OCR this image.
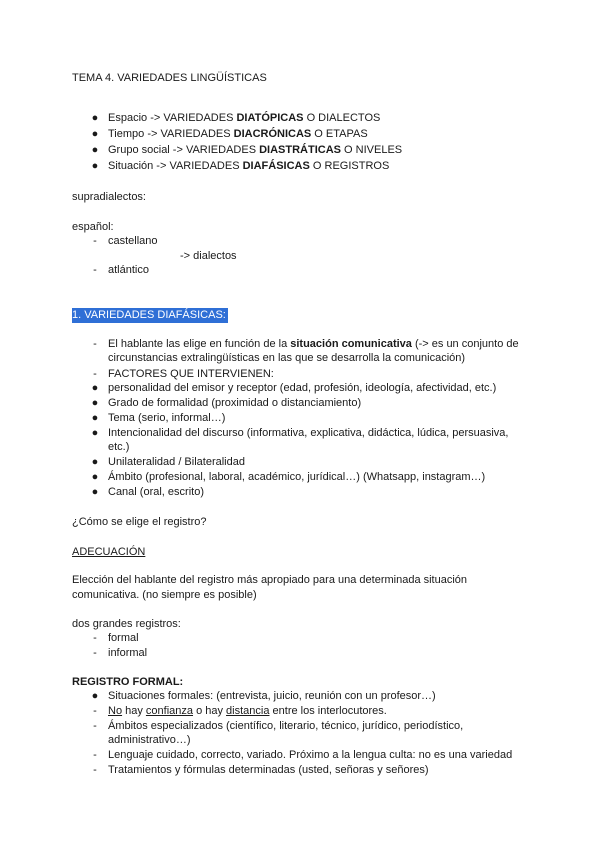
TEMA 4. VARIEDADES LINGÜÍSTICAS
● Espacio -> VARIEDADES DIATÓPICAS O DIALECTOS
● Tiempo -> VARIEDADES DIACRÓNICAS O ETAPAS
● Grupo social -> VARIEDADES DIASTRÁTICAS O NIVELES
● Situación -> VARIEDADES DIAFÁSICAS O REGISTROS
supradialectos:
español:
-	castellano
-> dialectos
-	atlántico
1. VARIEDADES DIAFÁSICAS:
-	El hablante las elige en función de la situación comunicativa (-> es un conjunto de
circunstancias extralingüísticas en las que se desarrolla la comunicación)
-	FACTORES QUE INTERVIENEN:
● personalidad del emisor y receptor (edad, profesión, ideología, afectividad, etc.)
● Grado de formalidad (proximidad o distanciamiento)
● Tema (serio, informal…)
● Intencionalidad del discurso (informativa, explicativa, didáctica, lúdica, persuasiva,
etc.)
● Unilateralidad / Bilateralidad
● Ámbito (profesional, laboral, académico, jurídical…) (Whatsapp, instagram…)
● Canal (oral, escrito)
¿Cómo se elige el registro?
ADECUACIÓN
Elección del hablante del registro más apropiado para una determinada situación
comunicativa. (no siempre es posible)
dos grandes registros:
-	formal
-	informal
REGISTRO FORMAL:
● Situaciones formales: (entrevista, juicio, reunión con un profesor…)
-	No hay confianza o hay distancia entre los interlocutores.
-	Ámbitos especializados (científico, literario, técnico, jurídico, periodístico,
administrativo…)
-	Lenguaje cuidado, correcto, variado. Próximo a la lengua culta: no es una variedad
-	Tratamientos y fórmulas determinadas (usted, señoras y señores)
